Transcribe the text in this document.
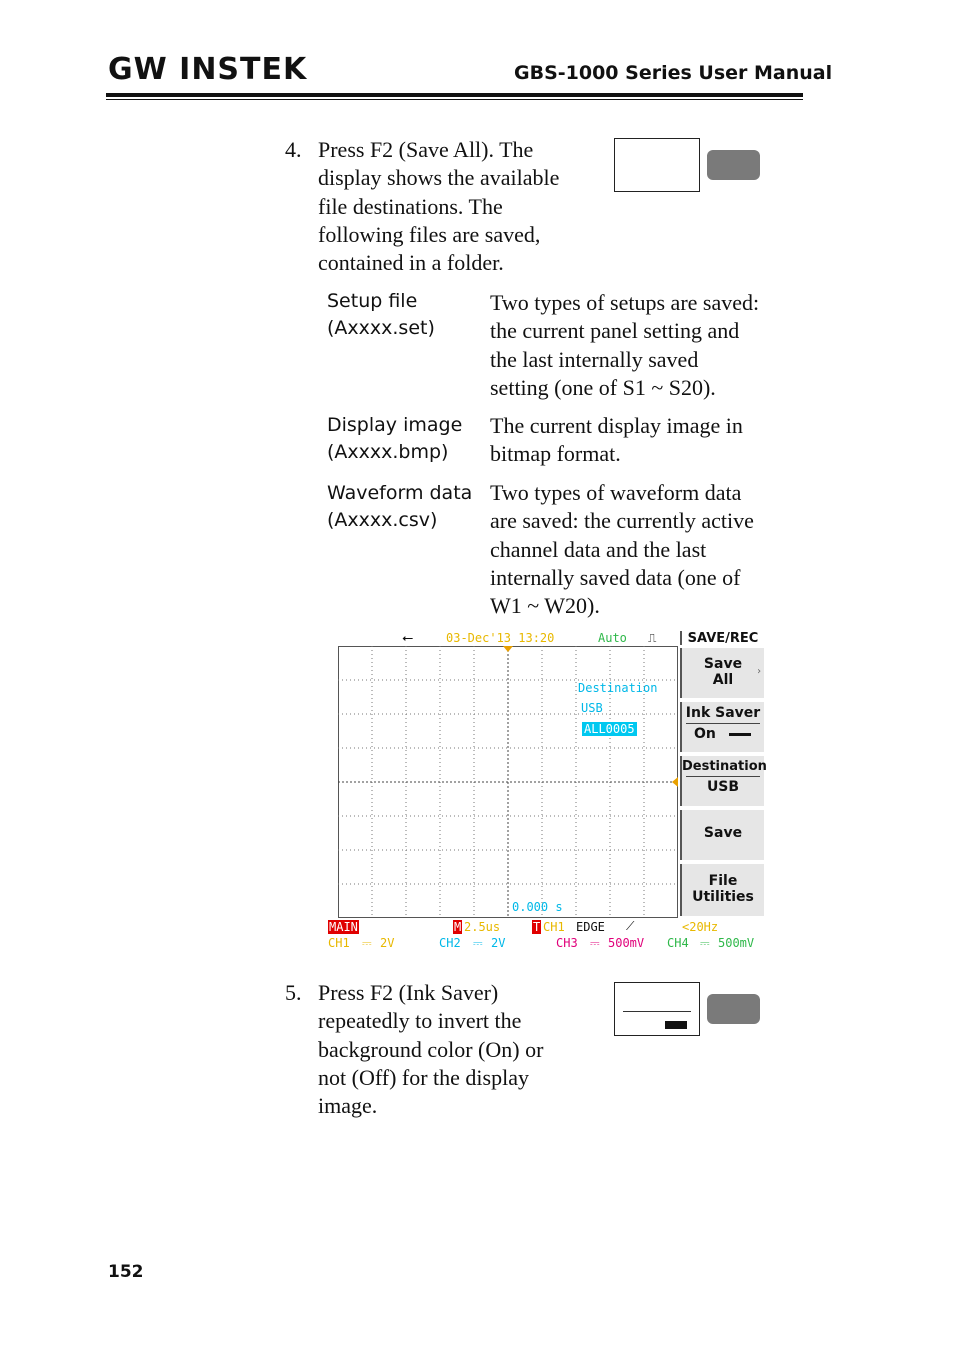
GW INSTEK	GBS-1000 Series User Manual
4. Press F2 (Save All). The
display shows the available
file destinations. The
following files are saved,
contained in a folder.
Setup file
(Axxxx.set)
Two types of setups are saved:
the current panel setting and
the last internally saved
setting (one of S1 ~ S20).
Display image
(Axxxx.bmp)
The current display image in
bitmap format.
Waveform data
(Axxxx.csv)
Two types of waveform data
are saved: the currently active
channel data and the last
internally saved data (one of
W1 ~ W20).
⭠	03-Dec'13 13:20	Auto ⎍
Destination
USB
ALL0005
0.000 s
SAVE/REC
Save
All
›
Ink Saver
On
Destination
USB
Save
File
Utilities
MAIN	M 2.5us	T CH1 EDGE ⟋	<20Hz
CH1 ⎓ 2V	CH2 ⎓ 2V	CH3 ⎓ 500mV CH4 ⎓ 500mV
5. Press F2 (Ink Saver)
repeatedly to invert the
background color (On) or
not (Off) for the display
image.
152
